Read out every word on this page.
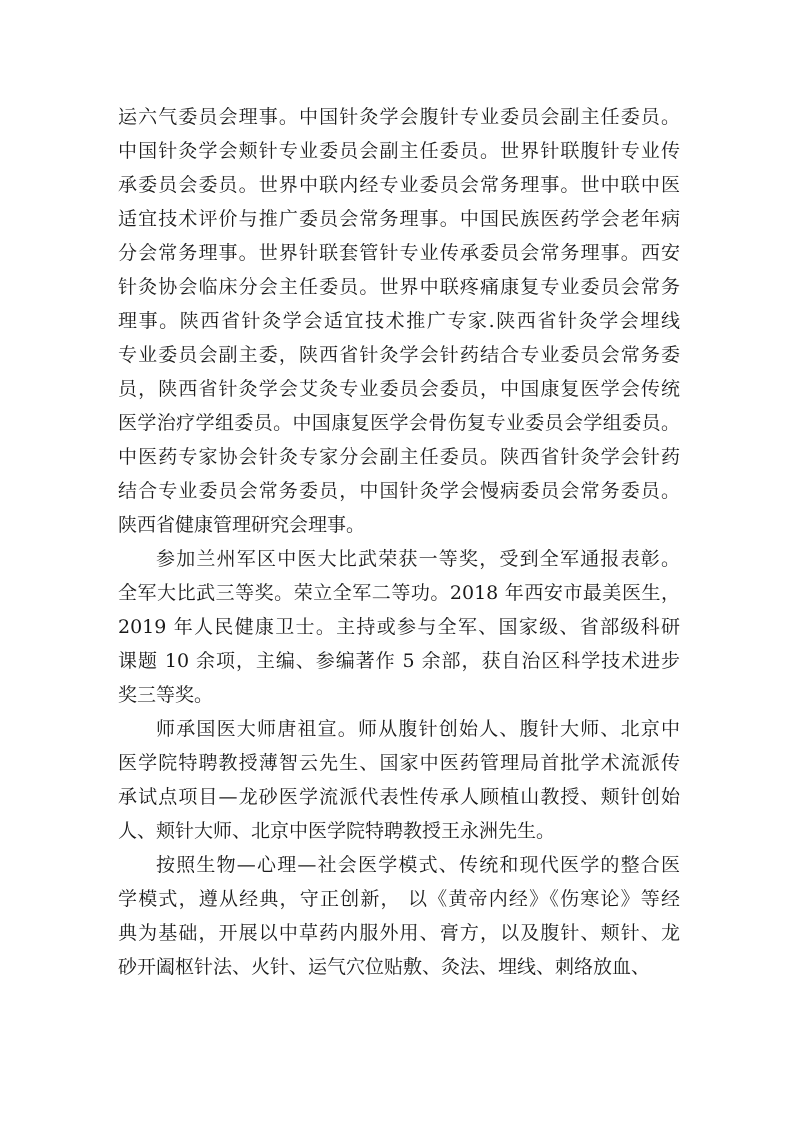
运六气委员会理事。中国针灸学会腹针专业委员会副主任委员。
中国针灸学会颊针专业委员会副主任委员。世界针联腹针专业传
承委员会委员。世界中联内经专业委员会常务理事。世中联中医
适宜技术评价与推广委员会常务理事。中国民族医药学会老年病
分会常务理事。世界针联套管针专业传承委员会常务理事。西安
针灸协会临床分会主任委员。世界中联疼痛康复专业委员会常务
理事。陕西省针灸学会适宜技术推广专家.陕西省针灸学会埋线
专业委员会副主委，陕西省针灸学会针药结合专业委员会常务委
员，陕西省针灸学会艾灸专业委员会委员，中国康复医学会传统
医学治疗学组委员。中国康复医学会骨伤复专业委员会学组委员。
中医药专家协会针灸专家分会副主任委员。陕西省针灸学会针药
结合专业委员会常务委员，中国针灸学会慢病委员会常务委员。
陕西省健康管理研究会理事。
参加兰州军区中医大比武荣获一等奖，受到全军通报表彰。
全军大比武三等奖。荣立全军二等功。2018 年西安市最美医生，
2019 年人民健康卫士。主持或参与全军、国家级、省部级科研
课题 10 余项，主编、参编著作 5 余部，获自治区科学技术进步
奖三等奖。
师承国医大师唐祖宣。师从腹针创始人、腹针大师、北京中
医学院特聘教授薄智云先生、国家中医药管理局首批学术流派传
承试点项目—龙砂医学流派代表性传承人顾植山教授、颊针创始
人、颊针大师、北京中医学院特聘教授王永洲先生。
按照生物—心理—社会医学模式、传统和现代医学的整合医
学模式，遵从经典，守正创新， 以《黄帝内经》《伤寒论》等经
典为基础，开展以中草药内服外用、膏方，以及腹针、颊针、龙
砂开阖枢针法、火针、运气穴位贴敷、灸法、埋线、刺络放血、
